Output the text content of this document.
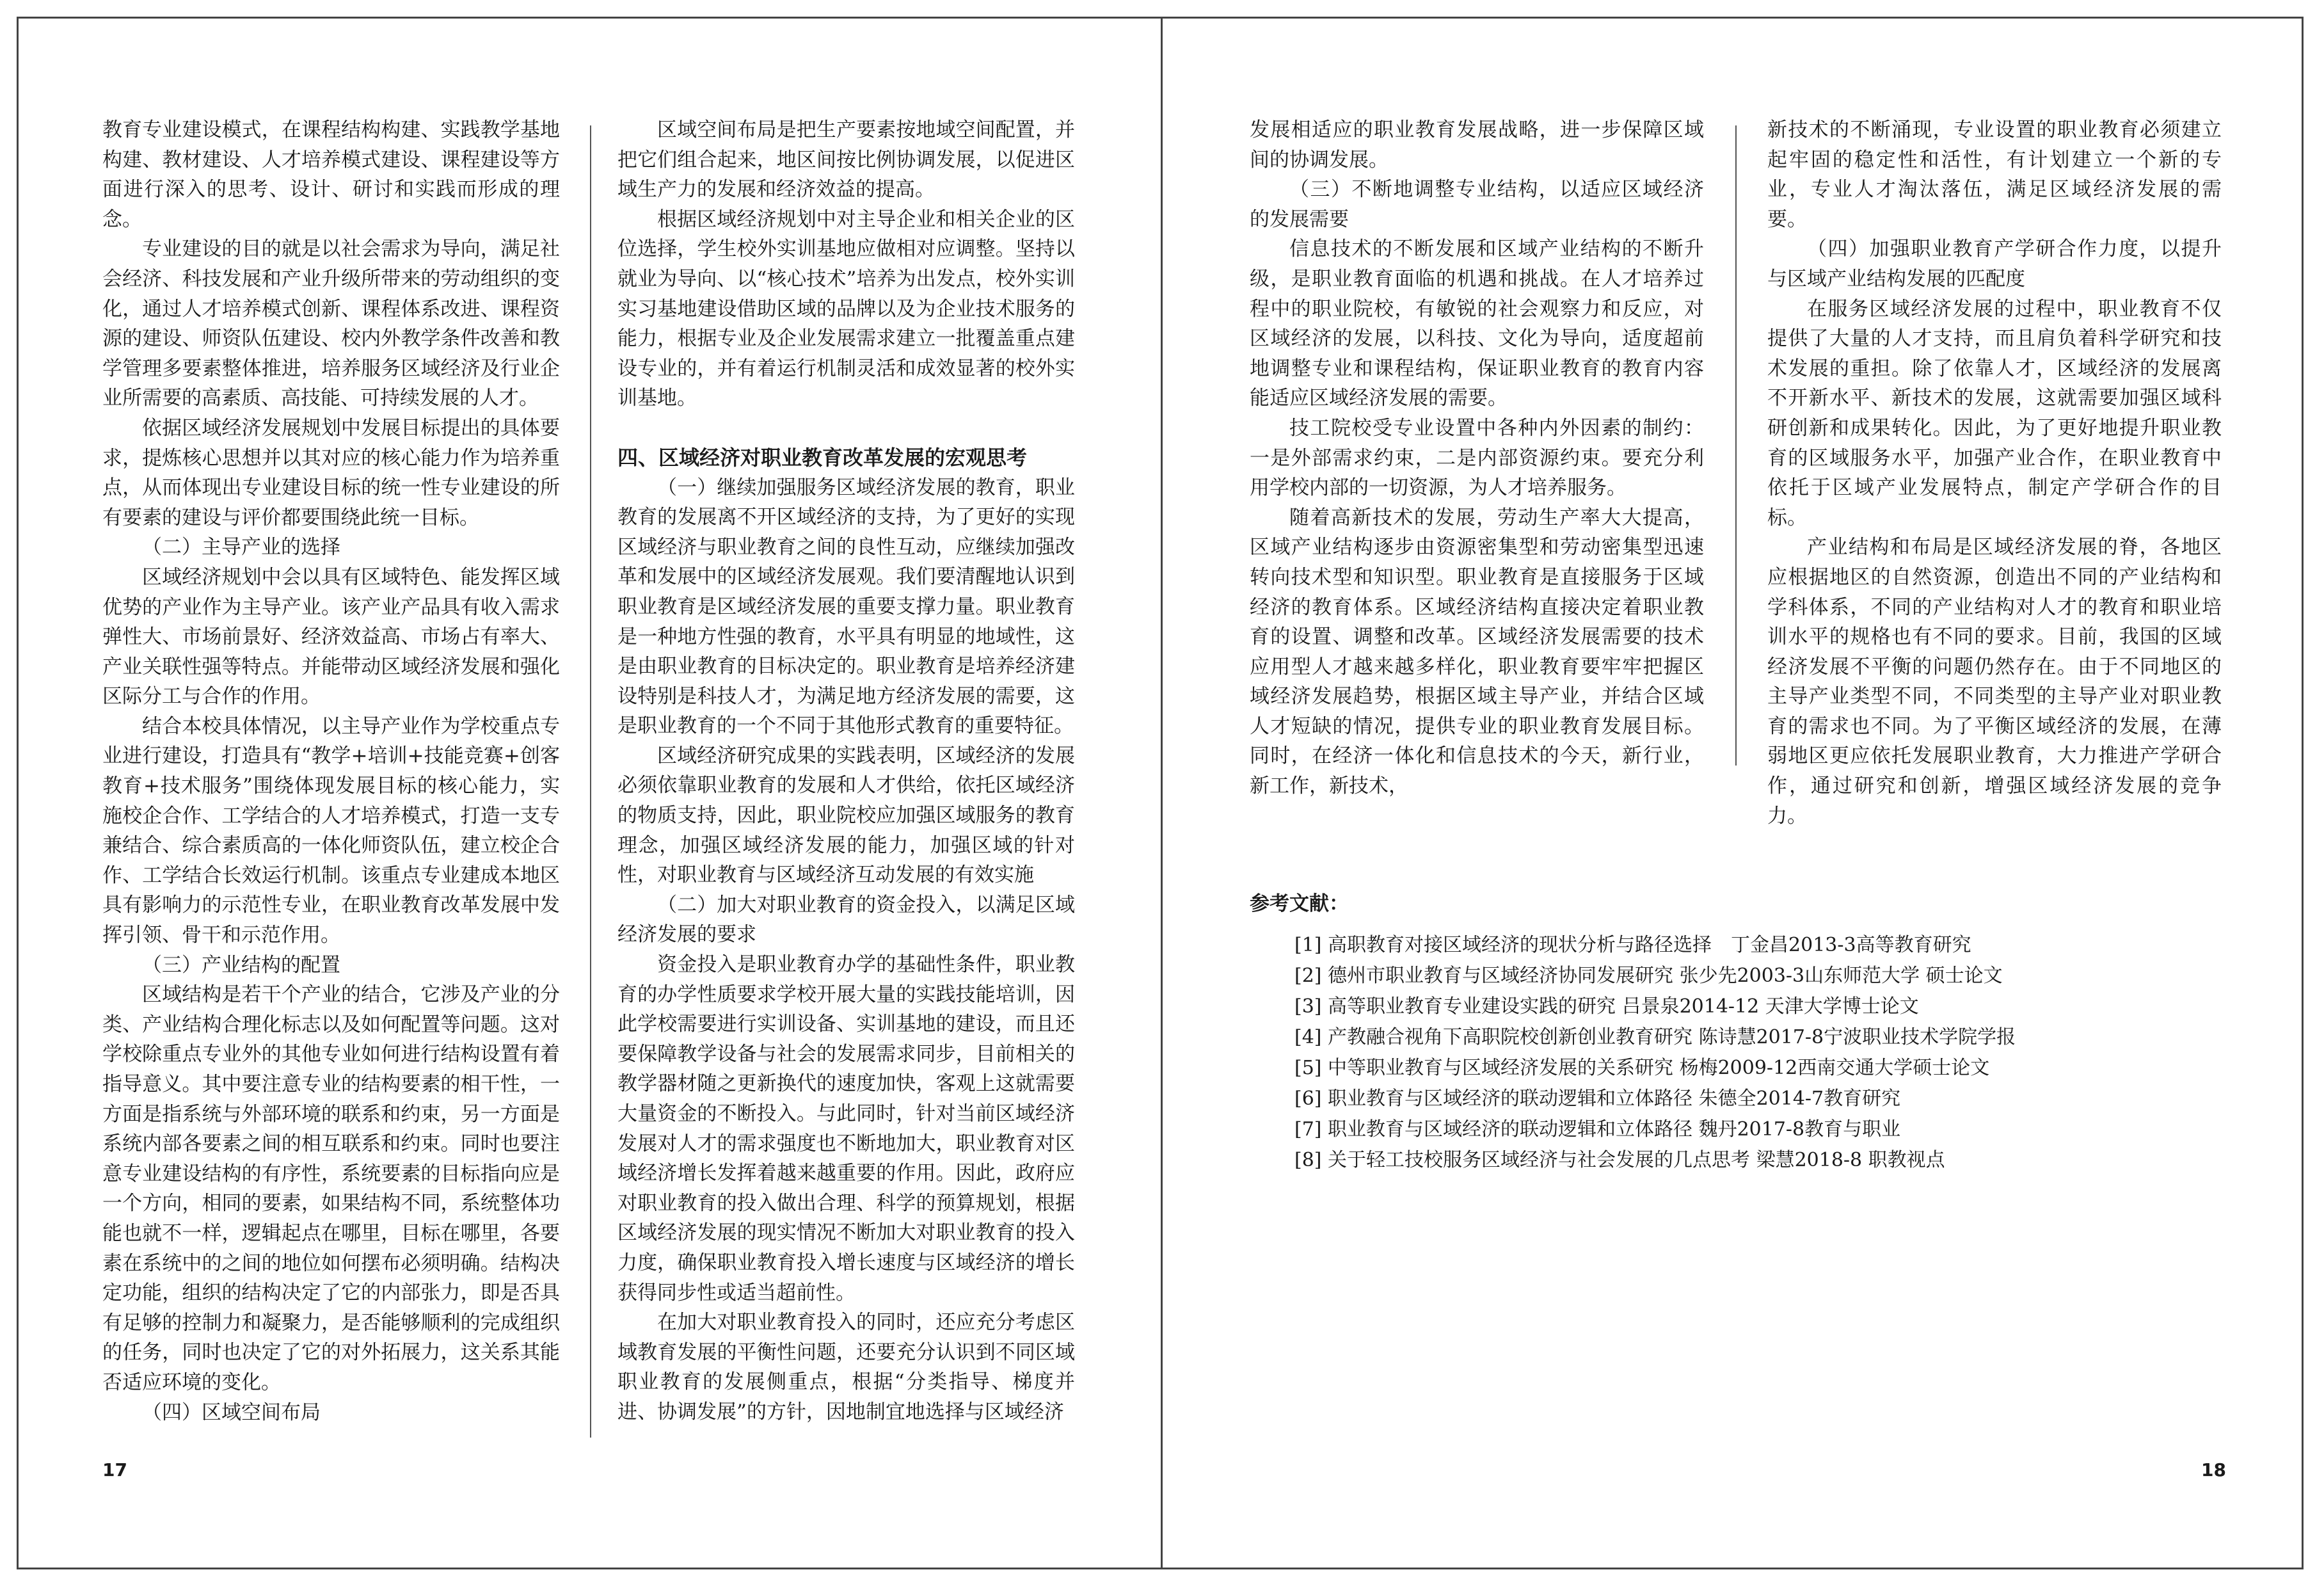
教育专业建设模式，在课程结构构建、实践教学基地构建、教材建设、人才培养模式建设、课程建设等方面进行深入的思考、设计、研讨和实践而形成的理念。

专业建设的目的就是以社会需求为导向，满足社会经济、科技发展和产业升级所带来的劳动组织的变化，通过人才培养模式创新、课程体系改进、课程资源的建设、师资队伍建设、校内外教学条件改善和教学管理多要素整体推进，培养服务区域经济及行业企业所需要的高素质、高技能、可持续发展的人才。

依据区域经济发展规划中发展目标提出的具体要求，提炼核心思想并以其对应的核心能力作为培养重点，从而体现出专业建设目标的统一性专业建设的所有要素的建设与评价都要围绕此统一目标。

（二）主导产业的选择

区域经济规划中会以具有区域特色、能发挥区域优势的产业作为主导产业。该产业产品具有收入需求弹性大、市场前景好、经济效益高、市场占有率大、产业关联性强等特点。并能带动区域经济发展和强化区际分工与合作的作用。

结合本校具体情况，以主导产业作为学校重点专业进行建设，打造具有“教学+培训+技能竞赛+创客教育+技术服务”围绕体现发展目标的核心能力，实施校企合作、工学结合的人才培养模式，打造一支专兼结合、综合素质高的一体化师资队伍，建立校企合作、工学结合长效运行机制。该重点专业建成本地区具有影响力的示范性专业，在职业教育改革发展中发挥引领、骨干和示范作用。

（三）产业结构的配置

区域结构是若干个产业的结合，它涉及产业的分类、产业结构合理化标志以及如何配置等问题。这对学校除重点专业外的其他专业如何进行结构设置有着指导意义。其中要注意专业的结构要素的相干性，一方面是指系统与外部环境的联系和约束，另一方面是系统内部各要素之间的相互联系和约束。同时也要注意专业建设结构的有序性，系统要素的目标指向应是一个方向，相同的要素，如果结构不同，系统整体功能也就不一样，逻辑起点在哪里，目标在哪里，各要素在系统中的之间的地位如何摆布必须明确。结构决定功能，组织的结构决定了它的内部张力，即是否具有足够的控制力和凝聚力，是否能够顺利的完成组织的任务，同时也决定了它的对外拓展力，这关系其能否适应环境的变化。

（四）区域空间布局

区域空间布局是把生产要素按地域空间配置，并把它们组合起来，地区间按比例协调发展，以促进区域生产力的发展和经济效益的提高。

根据区域经济规划中对主导企业和相关企业的区位选择，学生校外实训基地应做相对应调整。坚持以就业为导向、以“核心技术”培养为出发点，校外实训实习基地建设借助区域的品牌以及为企业技术服务的能力，根据专业及企业发展需求建立一批覆盖重点建设专业的，并有着运行机制灵活和成效显著的校外实训基地。

四、区域经济对职业教育改革发展的宏观思考

（一）继续加强服务区域经济发展的教育，职业教育的发展离不开区域经济的支持，为了更好的实现区域经济与职业教育之间的良性互动，应继续加强改革和发展中的区域经济发展观。我们要清醒地认识到职业教育是区域经济发展的重要支撑力量。职业教育是一种地方性强的教育，水平具有明显的地域性，这是由职业教育的目标决定的。职业教育是培养经济建设特别是科技人才，为满足地方经济发展的需要，这是职业教育的一个不同于其他形式教育的重要特征。

区域经济研究成果的实践表明，区域经济的发展必须依靠职业教育的发展和人才供给，依托区域经济的物质支持，因此，职业院校应加强区域服务的教育理念，加强区域经济发展的能力，加强区域的针对性，对职业教育与区域经济互动发展的有效实施

（二）加大对职业教育的资金投入，以满足区域经济发展的要求

资金投入是职业教育办学的基础性条件，职业教育的办学性质要求学校开展大量的实践技能培训，因此学校需要进行实训设备、实训基地的建设，而且还要保障教学设备与社会的发展需求同步，目前相关的教学器材随之更新换代的速度加快，客观上这就需要大量资金的不断投入。与此同时，针对当前区域经济发展对人才的需求强度也不断地加大，职业教育对区域经济增长发挥着越来越重要的作用。因此，政府应对职业教育的投入做出合理、科学的预算规划，根据区域经济发展的现实情况不断加大对职业教育的投入力度，确保职业教育投入增长速度与区域经济的增长获得同步性或适当超前性。

在加大对职业教育投入的同时，还应充分考虑区域教育发展的平衡性问题，还要充分认识到不同区域职业教育的发展侧重点，根据“分类指导、梯度并进、协调发展”的方针，因地制宜地选择与区域经济

17

发展相适应的职业教育发展战略，进一步保障区域间的协调发展。

（三）不断地调整专业结构，以适应区域经济的发展需要

信息技术的不断发展和区域产业结构的不断升级，是职业教育面临的机遇和挑战。在人才培养过程中的职业院校，有敏锐的社会观察力和反应，对区域经济的发展，以科技、文化为导向，适度超前地调整专业和课程结构，保证职业教育的教育内容能适应区域经济发展的需要。

技工院校受专业设置中各种内外因素的制约：一是外部需求约束，二是内部资源约束。要充分利用学校内部的一切资源，为人才培养服务。

随着高新技术的发展，劳动生产率大大提高，区域产业结构逐步由资源密集型和劳动密集型迅速转向技术型和知识型。职业教育是直接服务于区域经济的教育体系。区域经济结构直接决定着职业教育的设置、调整和改革。区域经济发展需要的技术应用型人才越来越多样化，职业教育要牢牢把握区域经济发展趋势，根据区域主导产业，并结合区域人才短缺的情况，提供专业的职业教育发展目标。同时，在经济一体化和信息技术的今天，新行业，新工作，新技术，

新技术的不断涌现，专业设置的职业教育必须建立起牢固的稳定性和活性，有计划建立一个新的专业，专业人才淘汰落伍，满足区域经济发展的需要。

（四）加强职业教育产学研合作力度，以提升与区域产业结构发展的匹配度

在服务区域经济发展的过程中，职业教育不仅提供了大量的人才支持，而且肩负着科学研究和技术发展的重担。除了依靠人才，区域经济的发展离不开新水平、新技术的发展，这就需要加强区域科研创新和成果转化。因此，为了更好地提升职业教育的区域服务水平，加强产业合作，在职业教育中依托于区域产业发展特点，制定产学研合作的目标。

产业结构和布局是区域经济发展的脊，各地区应根据地区的自然资源，创造出不同的产业结构和学科体系，不同的产业结构对人才的教育和职业培训水平的规格也有不同的要求。目前，我国的区域经济发展不平衡的问题仍然存在。由于不同地区的主导产业类型不同，不同类型的主导产业对职业教育的需求也不同。为了平衡区域经济的发展，在薄弱地区更应依托发展职业教育，大力推进产学研合作，通过研究和创新，增强区域经济发展的竞争力。

参考文献：
[1] 高职教育对接区域经济的现状分析与路径选择　丁金昌2013-3高等教育研究
[2] 德州市职业教育与区域经济协同发展研究 张少先2003-3山东师范大学 硕士论文
[3] 高等职业教育专业建设实践的研究 吕景泉2014-12 天津大学博士论文
[4] 产教融合视角下高职院校创新创业教育研究 陈诗慧2017-8宁波职业技术学院学报
[5] 中等职业教育与区域经济发展的关系研究 杨梅2009-12西南交通大学硕士论文
[6] 职业教育与区域经济的联动逻辑和立体路径 朱德全2014-7教育研究
[7] 职业教育与区域经济的联动逻辑和立体路径 魏丹2017-8教育与职业
[8] 关于轻工技校服务区域经济与社会发展的几点思考 梁慧2018-8 职教视点
18
